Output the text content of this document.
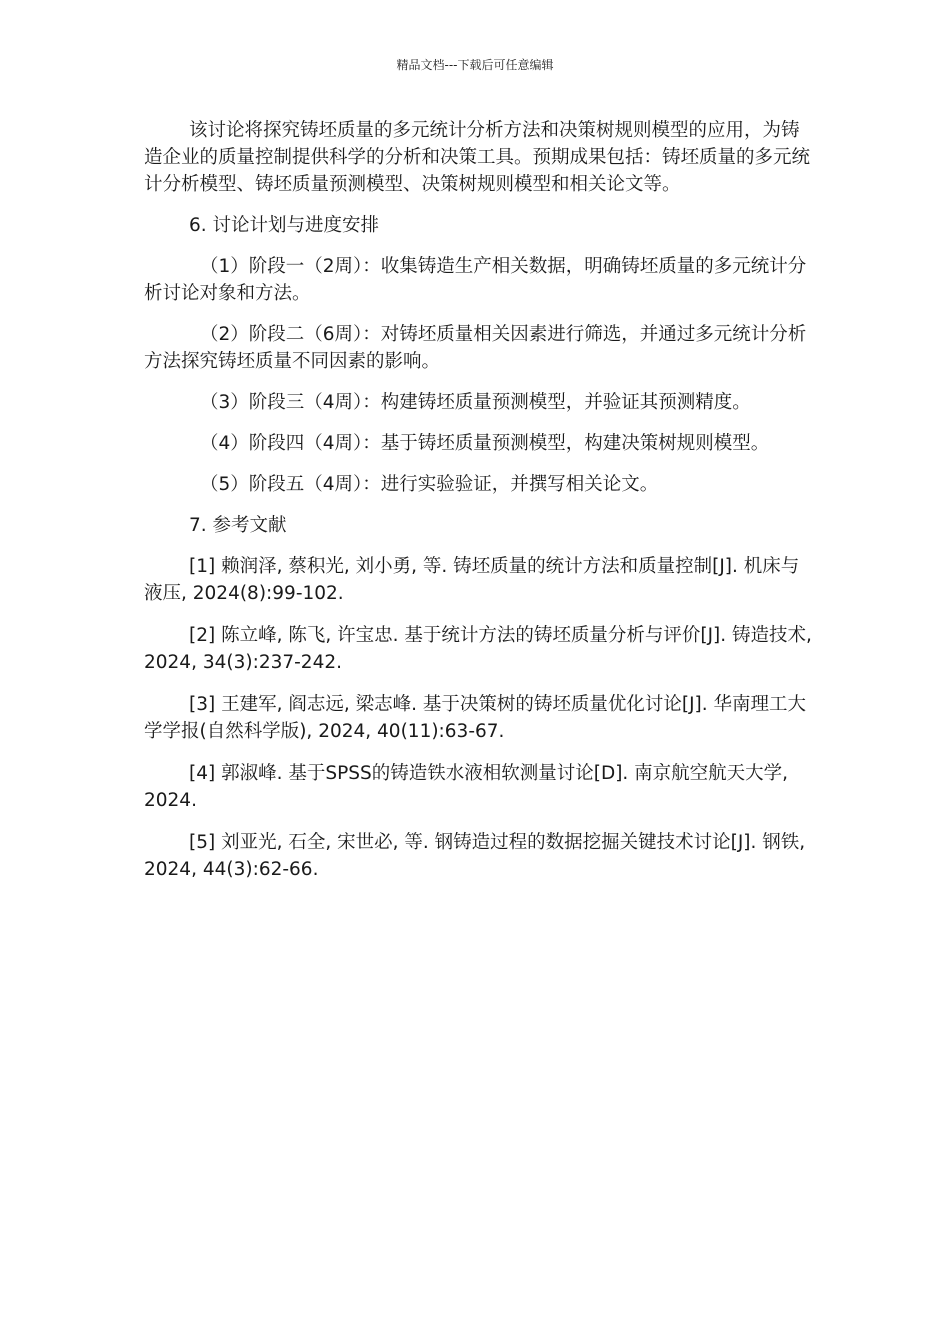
精品文档---下载后可任意编辑

该讨论将探究铸坯质量的多元统计分析方法和决策树规则模型的应用，为铸造企业的质量控制提供科学的分析和决策工具。预期成果包括：铸坯质量的多元统计分析模型、铸坯质量预测模型、决策树规则模型和相关论文等。

6. 讨论计划与进度安排

（1）阶段一（2周）：收集铸造生产相关数据，明确铸坯质量的多元统计分析讨论对象和方法。

（2）阶段二（6周）：对铸坯质量相关因素进行筛选，并通过多元统计分析方法探究铸坯质量不同因素的影响。

（3）阶段三（4周）：构建铸坯质量预测模型，并验证其预测精度。

（4）阶段四（4周）：基于铸坯质量预测模型，构建决策树规则模型。

（5）阶段五（4周）：进行实验验证，并撰写相关论文。

7. 参考文献

[1] 赖润泽, 蔡积光, 刘小勇, 等. 铸坯质量的统计方法和质量控制[J]. 机床与液压, 2024(8):99-102.

[2] 陈立峰, 陈飞, 许宝忠. 基于统计方法的铸坯质量分析与评价[J]. 铸造技术, 2024, 34(3):237-242.

[3] 王建军, 阎志远, 梁志峰. 基于决策树的铸坯质量优化讨论[J]. 华南理工大学学报(自然科学版), 2024, 40(11):63-67.

[4] 郭淑峰. 基于SPSS的铸造铁水液相软测量讨论[D]. 南京航空航天大学, 2024.

[5] 刘亚光, 石全, 宋世必, 等. 钢铸造过程的数据挖掘关键技术讨论[J]. 钢铁, 2024, 44(3):62-66.
